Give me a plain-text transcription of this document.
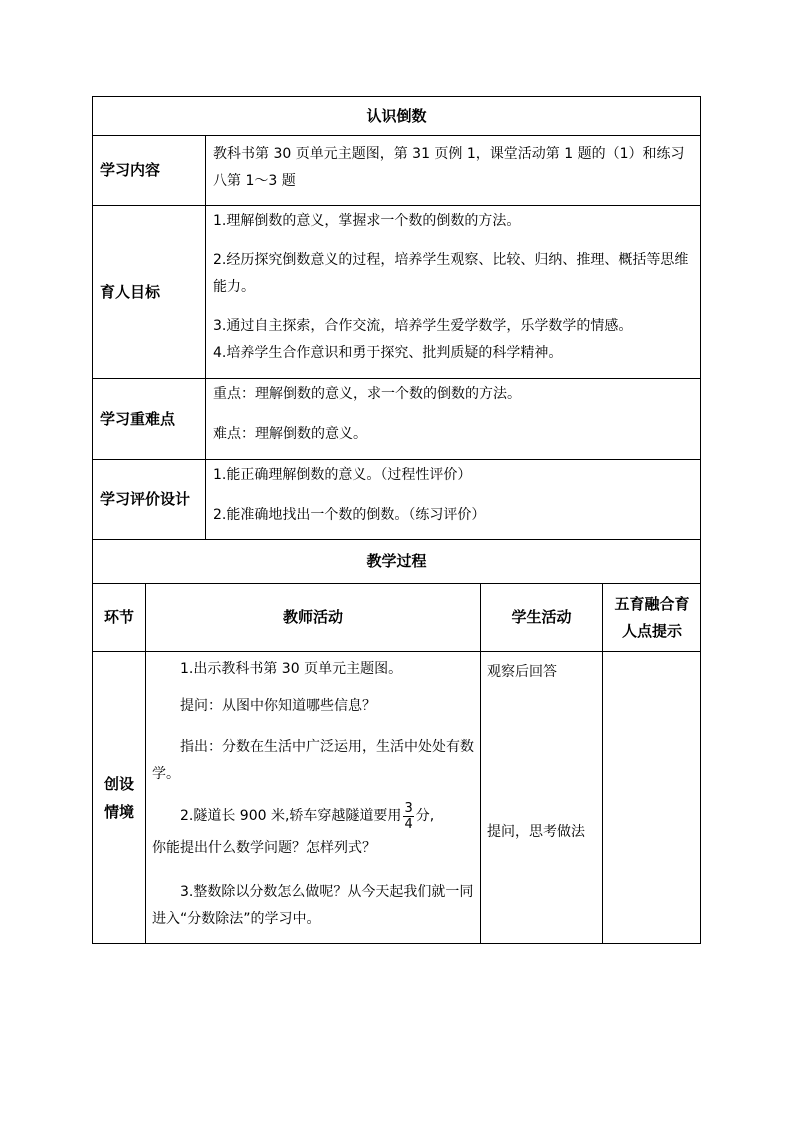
认识倒数
学习内容

教科书第 30 页单元主题图，第 31 页例 1，课堂活动第 1 题的（1）和练习八第 1～3 题

育人目标

1.理解倒数的意义，掌握求一个数的倒数的方法。

2.经历探究倒数意义的过程，培养学生观察、比较、归纳、推理、概括等思维能力。

3.通过自主探索，合作交流，培养学生爱学数学，乐学数学的情感。

4.培养学生合作意识和勇于探究、批判质疑的科学精神。

学习重难点

重点：理解倒数的意义，求一个数的倒数的方法。

难点：理解倒数的意义。

学习评价设计

1.能正确理解倒数的意义。（过程性评价）

2.能准确地找出一个数的倒数。（练习评价）

教学过程
环节	教师活动	学生活动
五育融合育人点提示
创设情境

1.出示教科书第 30 页单元主题图。

提问：从图中你知道哪些信息？

指出：分数在生活中广泛运用，生活中处处有数学。

2.隧道长 900 米,轿车穿越隧道要用 $\frac{3}{4}$ 分,

你能提出什么数学问题？怎样列式？

3.整数除以分数怎么做呢？从今天起我们就一同进入“分数除法”的学习中。

观察后回答

提问，思考做法
